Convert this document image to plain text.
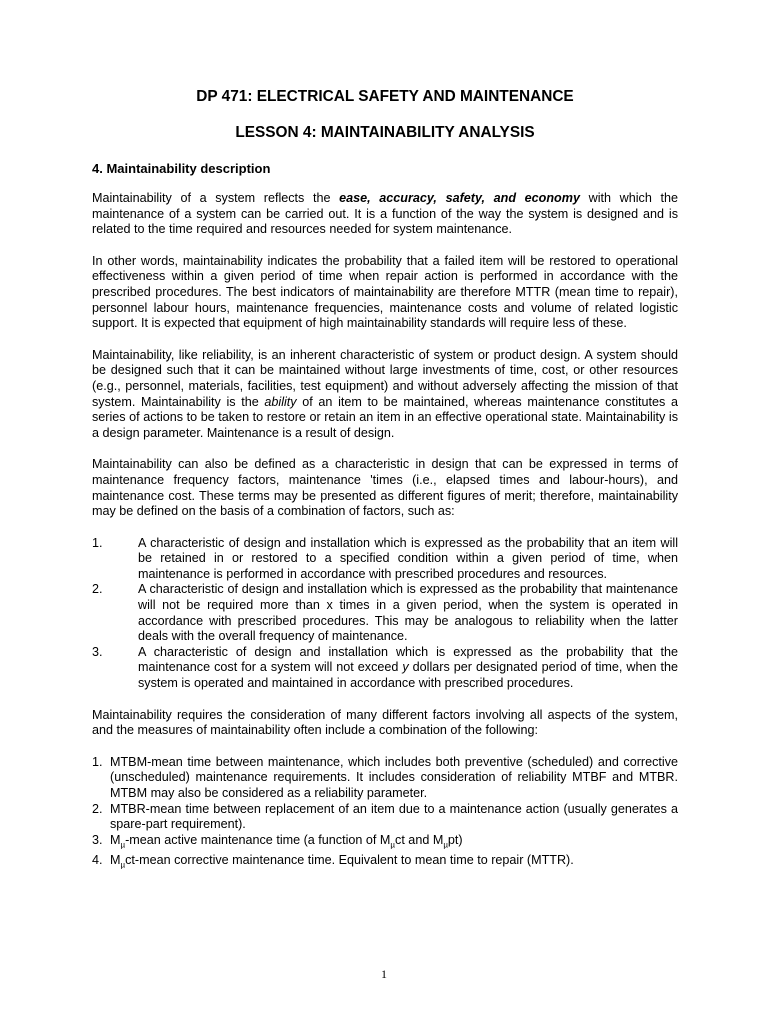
DP 471: ELECTRICAL SAFETY AND MAINTENANCE
LESSON 4: MAINTAINABILITY ANALYSIS
4. Maintainability description

Maintainability of a system reflects the ease, accuracy, safety, and economy with which the maintenance of a system can be carried out. It is a function of the way the system is designed and is related to the time required and resources needed for system maintenance.

In other words, maintainability indicates the probability that a failed item will be restored to operational effectiveness within a given period of time when repair action is performed in accordance with the prescribed procedures. The best indicators of maintainability are therefore MTTR (mean time to repair), personnel labour hours, maintenance frequencies, maintenance costs and volume of related logistic support. It is expected that equipment of high maintainability standards will require less of these.

Maintainability, like reliability, is an inherent characteristic of system or product design. A system should be designed such that it can be maintained without large investments of time, cost, or other resources (e.g., personnel, materials, facilities, test equipment) and without adversely affecting the mission of that system. Maintainability is the ability of an item to be maintained, whereas maintenance constitutes a series of actions to be taken to restore or retain an item in an effective operational state. Maintainability is a design parameter. Maintenance is a result of design.

Maintainability can also be defined as a characteristic in design that can be expressed in terms of maintenance frequency factors, maintenance 'times (i.e., elapsed times and labour-hours), and maintenance cost. These terms may be presented as different figures of merit; therefore, maintainability may be defined on the basis of a combination of factors, such as:

1.	A characteristic of design and installation which is expressed as the probability that an item will be retained in or restored to a specified condition within a given period of time, when maintenance is performed in accordance with prescribed procedures and resources.
2.	A characteristic of design and installation which is expressed as the probability that maintenance will not be required more than x times in a given period, when the system is operated in accordance with prescribed procedures. This may be analogous to reliability when the latter deals with the overall frequency of maintenance.
3.	A characteristic of design and installation which is expressed as the probability that the maintenance cost for a system will not exceed y dollars per designated period of time, when the system is operated and maintained in accordance with prescribed procedures.

Maintainability requires the consideration of many different factors involving all aspects of the system, and the measures of maintainability often include a combination of the following:

1. MTBM-mean time between maintenance, which includes both preventive (scheduled) and corrective (unscheduled) maintenance requirements. It includes consideration of reliability MTBF and MTBR. MTBM may also be considered as a reliability parameter.
2. MTBR-mean time between replacement of an item due to a maintenance action (usually generates a spare-part requirement).
3. $M_\mu$-mean active maintenance time (a function of $M_\mu ct$ and $M_\mu pt$)
4. $M_\mu ct$-mean corrective maintenance time. Equivalent to mean time to repair (MTTR).
1
